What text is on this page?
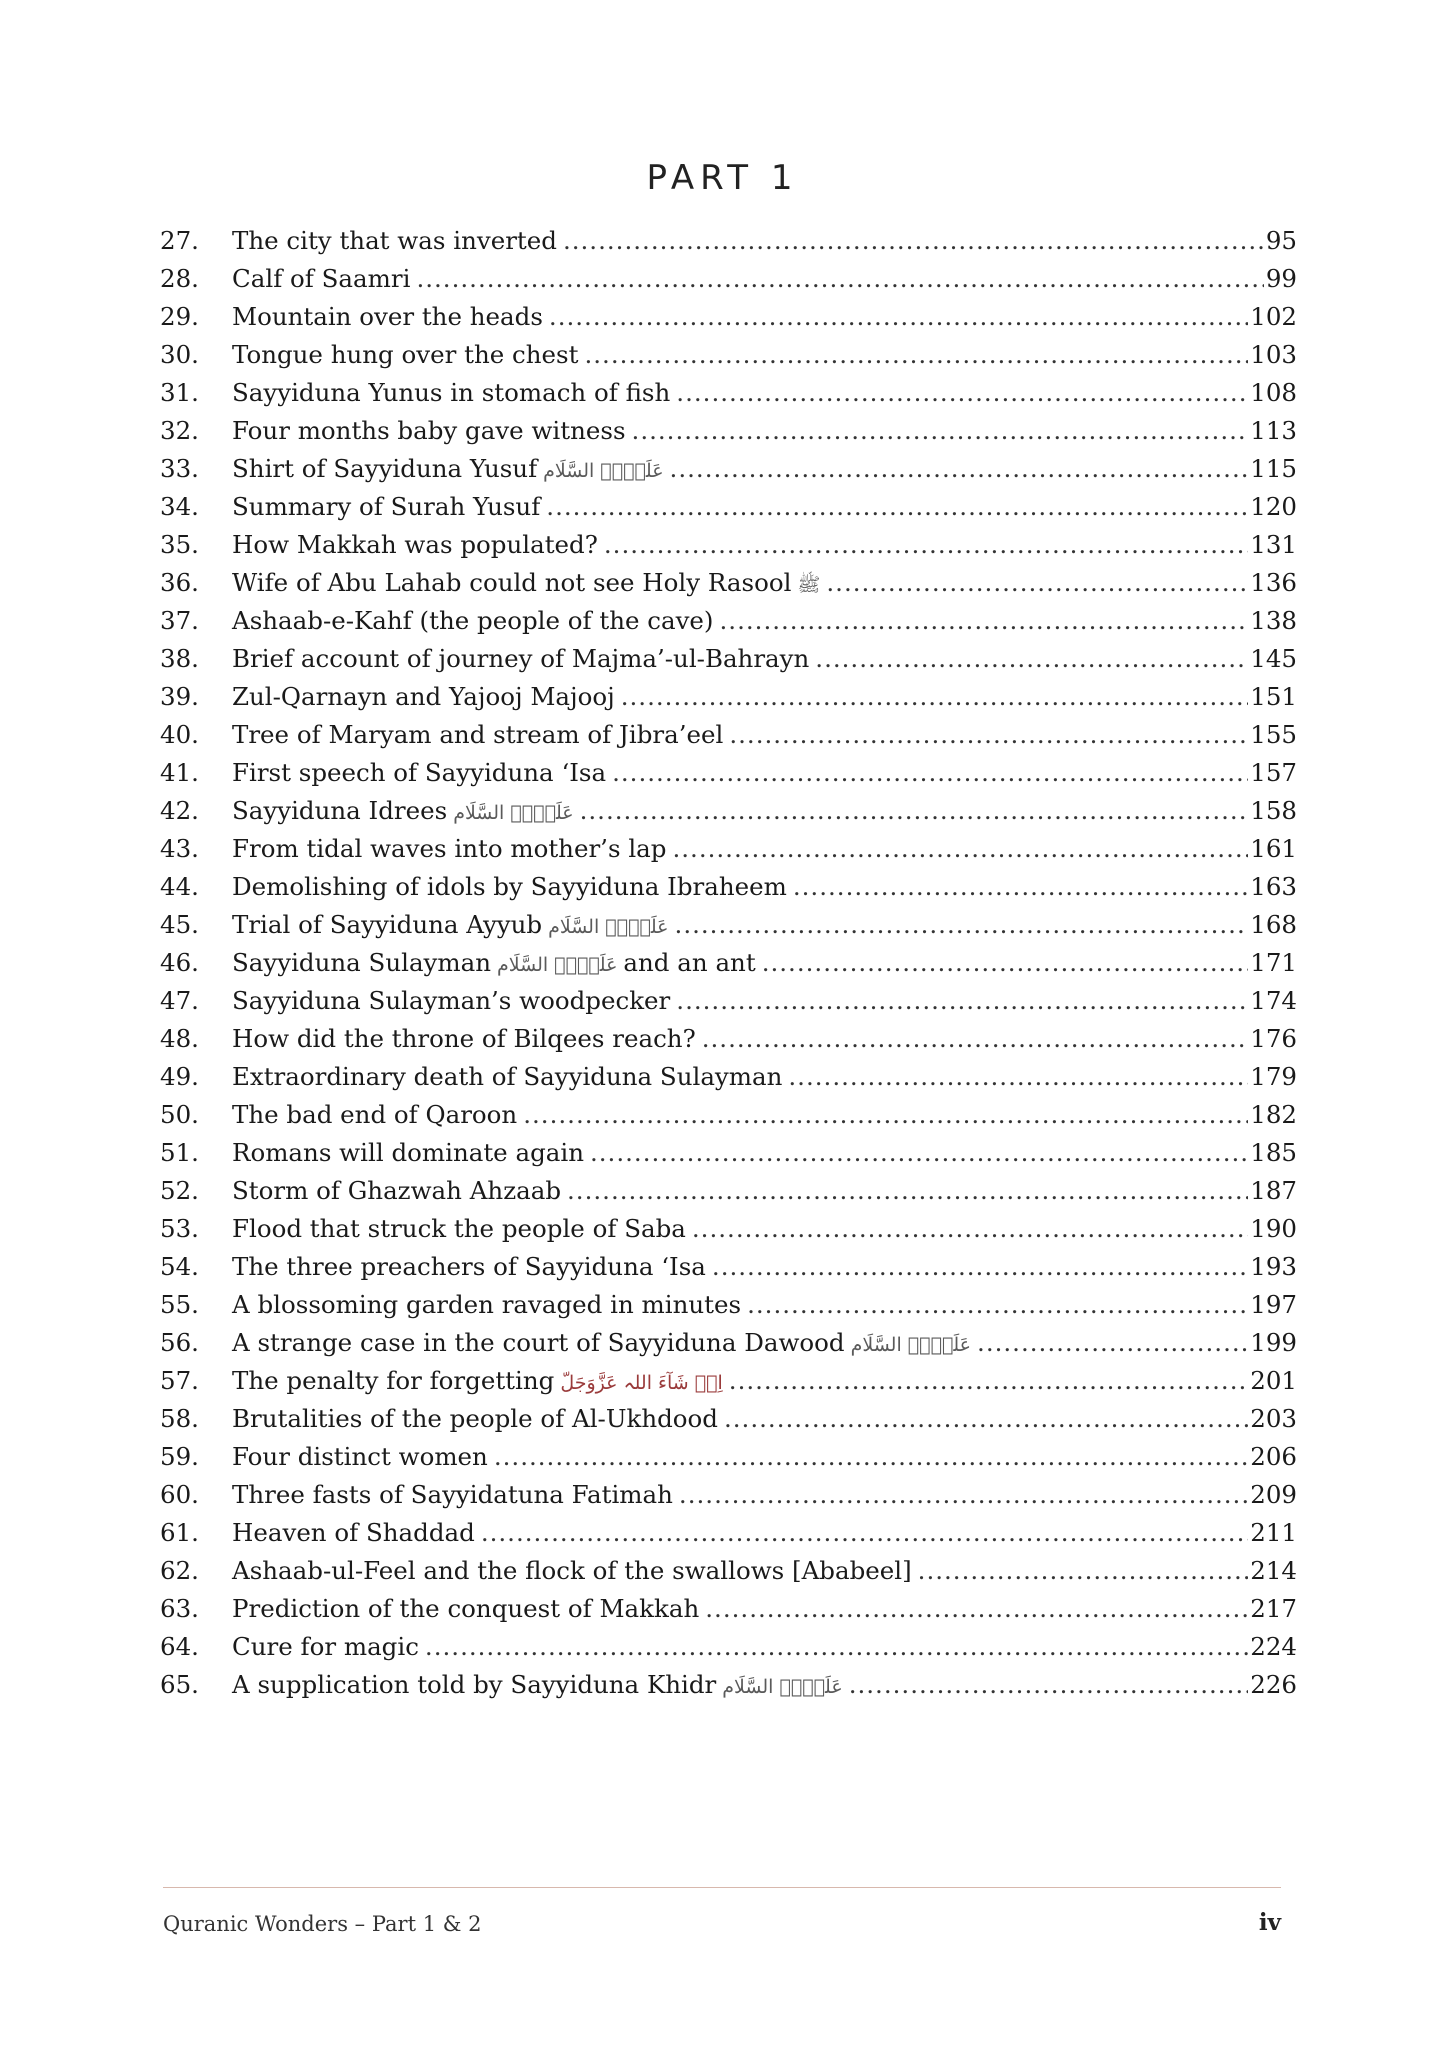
PART 1
27.	The city that was inverted .....	95
28.	Calf of Saamri .....	99
29.	Mountain over the heads .....	102
30.	Tongue hung over the chest .....	103
31.	Sayyiduna Yunus in stomach of fish .....	108
32.	Four months baby gave witness .....	113
33.	Shirt of Sayyiduna Yusuf عَلَیۡہِ السَّلَام .....	115
34.	Summary of Surah Yusuf .....	120
35.	How Makkah was populated? .....	131
36.	Wife of Abu Lahab could not see Holy Rasool ﷺ .....	136
37.	Ashaab-e-Kahf (the people of the cave) .....	138
38.	Brief account of journey of Majma’-ul-Bahrayn .....	145
39.	Zul-Qarnayn and Yajooj Majooj .....	151
40.	Tree of Maryam and stream of Jibra’eel .....	155
41.	First speech of Sayyiduna ‘Isa .....	157
42.	Sayyiduna Idrees عَلَیۡہِ السَّلَام .....	158
43.	From tidal waves into mother’s lap .....	161
44.	Demolishing of idols by Sayyiduna Ibraheem .....	163
45.	Trial of Sayyiduna Ayyub عَلَیۡہِ السَّلَام .....	168
46.	Sayyiduna Sulayman عَلَیۡہِ السَّلَام and an ant .....	171
47.	Sayyiduna Sulayman’s woodpecker .....	174
48.	How did the throne of Bilqees reach? .....	176
49.	Extraordinary death of Sayyiduna Sulayman .....	179
50.	The bad end of Qaroon .....	182
51.	Romans will dominate again .....	185
52.	Storm of Ghazwah Ahzaab .....	187
53.	Flood that struck the people of Saba .....	190
54.	The three preachers of Sayyiduna ‘Isa .....	193
55.	A blossoming garden ravaged in minutes .....	197
56.	A strange case in the court of Sayyiduna Dawood عَلَیۡہِ السَّلَام .....	199
57.	The penalty for forgetting اِنۡ شَآءَ اللہ عَزَّوَجَلّ .....	201
58.	Brutalities of the people of Al-Ukhdood .....	203
59.	Four distinct women .....	206
60.	Three fasts of Sayyidatuna Fatimah .....	209
61.	Heaven of Shaddad .....	211
62.	Ashaab-ul-Feel and the flock of the swallows [Ababeel] .....	214
63.	Prediction of the conquest of Makkah .....	217
64.	Cure for magic .....	224
65.	A supplication told by Sayyiduna Khidr عَلَیۡہِ السَّلَام .....	226
Quranic Wonders – Part 1 & 2	iv
